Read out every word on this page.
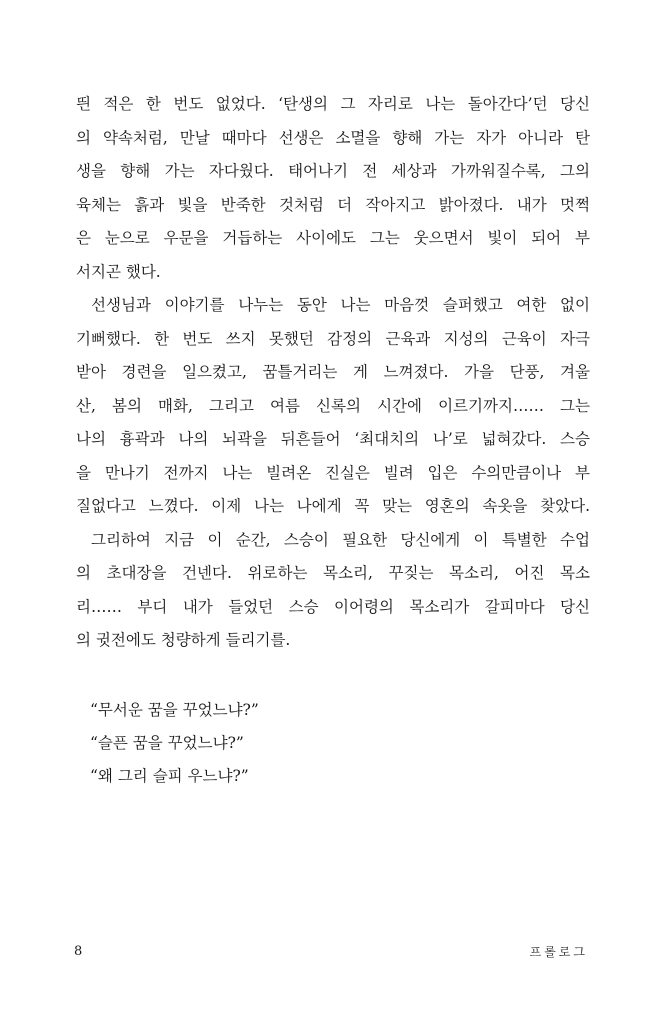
띈 적은 한 번도 없었다. ‘탄생의 그 자리로 나는 돌아간다’던 당신
의 약속처럼, 만날 때마다 선생은 소멸을 향해 가는 자가 아니라 탄
생을 향해 가는 자다웠다. 태어나기 전 세상과 가까워질수록, 그의
육체는 흙과 빛을 반죽한 것처럼 더 작아지고 밝아졌다. 내가 멋쩍
은 눈으로 우문을 거듭하는 사이에도 그는 웃으면서 빛이 되어 부
서지곤 했다.
선생님과 이야기를 나누는 동안 나는 마음껏 슬퍼했고 여한 없이
기뻐했다. 한 번도 쓰지 못했던 감정의 근육과 지성의 근육이 자극
받아 경련을 일으켰고, 꿈틀거리는 게 느껴졌다. 가을 단풍, 겨울
산, 봄의 매화, 그리고 여름 신록의 시간에 이르기까지…… 그는
나의 흉곽과 나의 뇌곽을 뒤흔들어 ‘최대치의 나’로 넓혀갔다. 스승
을 만나기 전까지 나는 빌려온 진실은 빌려 입은 수의만큼이나 부
질없다고 느꼈다. 이제 나는 나에게 꼭 맞는 영혼의 속옷을 찾았다.
그리하여 지금 이 순간, 스승이 필요한 당신에게 이 특별한 수업
의 초대장을 건넨다. 위로하는 목소리, 꾸짖는 목소리, 어진 목소
리…… 부디 내가 들었던 스승 이어령의 목소리가 갈피마다 당신
의 귓전에도 청량하게 들리기를.
“무서운 꿈을 꾸었느냐?”
“슬픈 꿈을 꾸었느냐?”
“왜 그리 슬피 우느냐?”
8	프롤로그
